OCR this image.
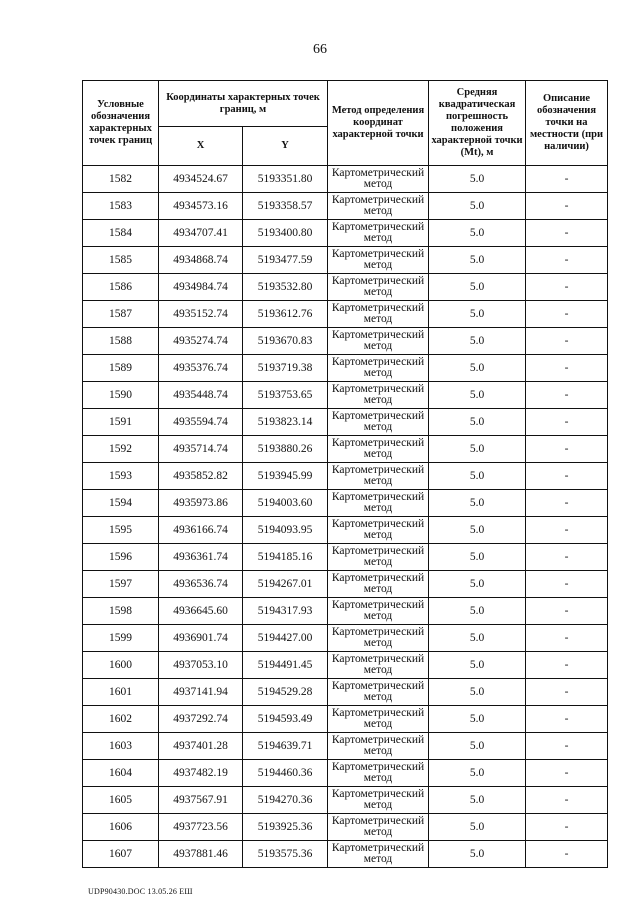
66
Условные обозначения характерных точек границ	Координаты характерных точек границ, м		Метод определения координат характерной точки	Средняя квадратическая погрешность положения характерной точки (Mt), м	Описание обозначения точки на местности (при наличии)
	X	Y			
1582	4934524.67	5193351.80	Картометрический метод	5.0	-
1583	4934573.16	5193358.57	Картометрический метод	5.0	-
1584	4934707.41	5193400.80	Картометрический метод	5.0	-
1585	4934868.74	5193477.59	Картометрический метод	5.0	-
1586	4934984.74	5193532.80	Картометрический метод	5.0	-
1587	4935152.74	5193612.76	Картометрический метод	5.0	-
1588	4935274.74	5193670.83	Картометрический метод	5.0	-
1589	4935376.74	5193719.38	Картометрический метод	5.0	-
1590	4935448.74	5193753.65	Картометрический метод	5.0	-
1591	4935594.74	5193823.14	Картометрический метод	5.0	-
1592	4935714.74	5193880.26	Картометрический метод	5.0	-
1593	4935852.82	5193945.99	Картометрический метод	5.0	-
1594	4935973.86	5194003.60	Картометрический метод	5.0	-
1595	4936166.74	5194093.95	Картометрический метод	5.0	-
1596	4936361.74	5194185.16	Картометрический метод	5.0	-
1597	4936536.74	5194267.01	Картометрический метод	5.0	-
1598	4936645.60	5194317.93	Картометрический метод	5.0	-
1599	4936901.74	5194427.00	Картометрический метод	5.0	-
1600	4937053.10	5194491.45	Картометрический метод	5.0	-
1601	4937141.94	5194529.28	Картометрический метод	5.0	-
1602	4937292.74	5194593.49	Картометрический метод	5.0	-
1603	4937401.28	5194639.71	Картометрический метод	5.0	-
1604	4937482.19	5194460.36	Картометрический метод	5.0	-
1605	4937567.91	5194270.36	Картометрический метод	5.0	-
1606	4937723.56	5193925.36	Картометрический метод	5.0	-
1607	4937881.46	5193575.36	Картометрический метод	5.0	-
UDP90430.DOC 13.05.26 ЕШ
